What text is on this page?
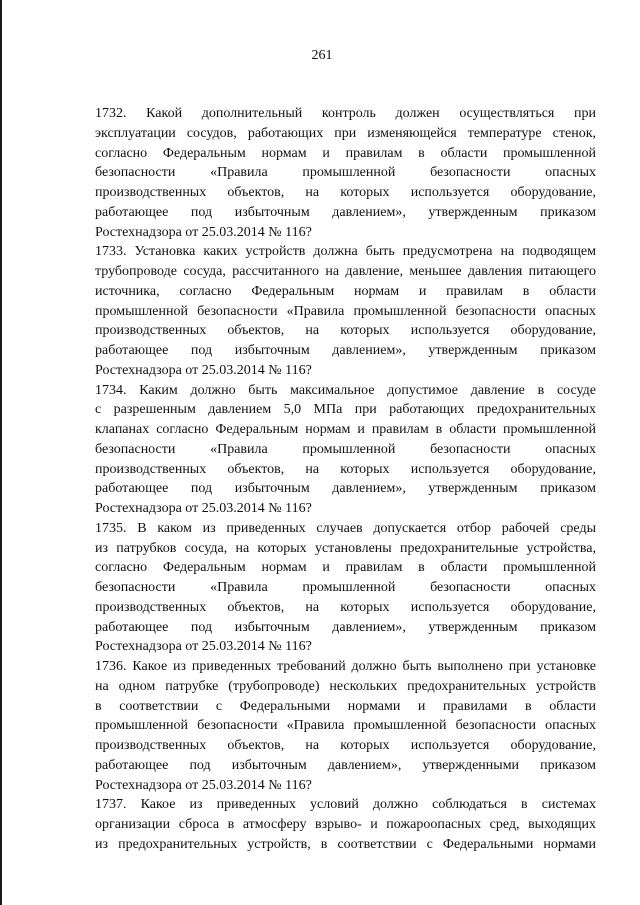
261

1732. Какой дополнительный контроль должен осуществляться при
эксплуатации сосудов, работающих при изменяющейся температуре стенок,
согласно Федеральным нормам и правилам в области промышленной
безопасности «Правила промышленной безопасности опасных
производственных объектов, на которых используется оборудование,
работающее под избыточным давлением», утвержденным приказом
Ростехнадзора от 25.03.2014 № 116?

1733. Установка каких устройств должна быть предусмотрена на подводящем
трубопроводе сосуда, рассчитанного на давление, меньшее давления питающего
источника, согласно Федеральным нормам и правилам в области
промышленной безопасности «Правила промышленной безопасности опасных
производственных объектов, на которых используется оборудование,
работающее под избыточным давлением», утвержденным приказом
Ростехнадзора от 25.03.2014 № 116?

1734. Каким должно быть максимальное допустимое давление в сосуде
с разрешенным давлением 5,0 МПа при работающих предохранительных
клапанах согласно Федеральным нормам и правилам в области промышленной
безопасности «Правила промышленной безопасности опасных
производственных объектов, на которых используется оборудование,
работающее под избыточным давлением», утвержденным приказом
Ростехнадзора от 25.03.2014 № 116?

1735. В каком из приведенных случаев допускается отбор рабочей среды
из патрубков сосуда, на которых установлены предохранительные устройства,
согласно Федеральным нормам и правилам в области промышленной
безопасности «Правила промышленной безопасности опасных
производственных объектов, на которых используется оборудование,
работающее под избыточным давлением», утвержденным приказом
Ростехнадзора от 25.03.2014 № 116?

1736. Какое из приведенных требований должно быть выполнено при установке
на одном патрубке (трубопроводе) нескольких предохранительных устройств
в соответствии с Федеральными нормами и правилами в области
промышленной безопасности «Правила промышленной безопасности опасных
производственных объектов, на которых используется оборудование,
работающее под избыточным давлением», утвержденными приказом
Ростехнадзора от 25.03.2014 № 116?

1737. Какое из приведенных условий должно соблюдаться в системах
организации сброса в атмосферу взрыво- и пожароопасных сред, выходящих
из предохранительных устройств, в соответствии с Федеральными нормами
